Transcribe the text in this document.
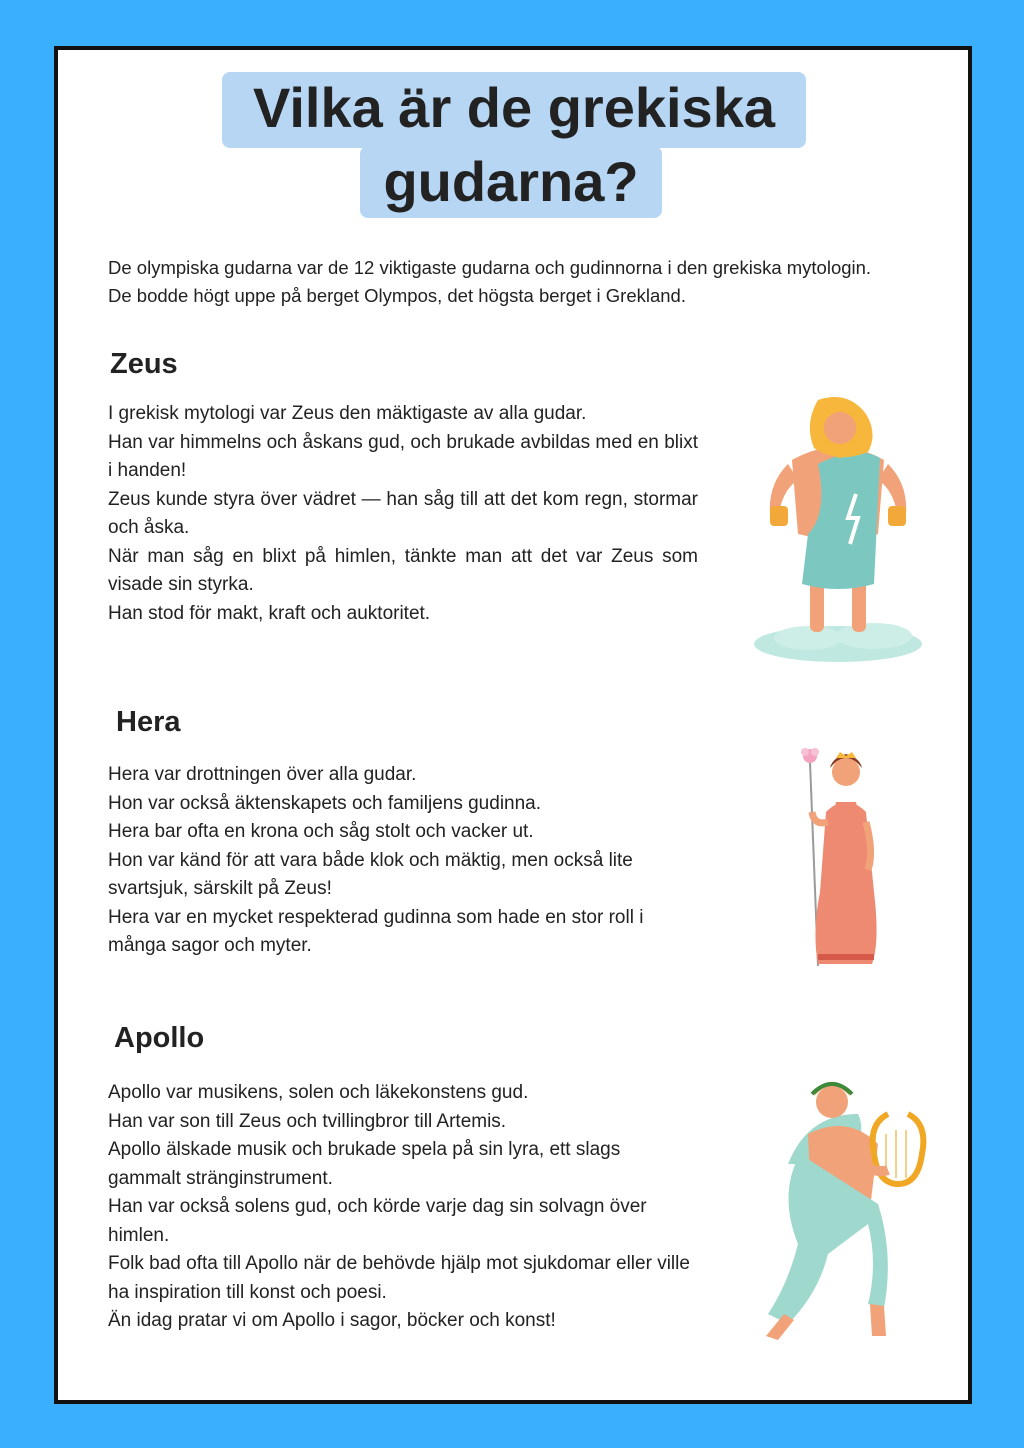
Vilka är de grekiska
gudarna?
De olympiska gudarna var de 12 viktigaste gudarna och gudinnorna i den grekiska mytologin. De bodde högt uppe på berget Olympos, det högsta berget i Grekland.
Zeus
I grekisk mytologi var Zeus den mäktigaste av alla gudar.
Han var himmelns och åskans gud, och brukade avbildas med en blixt i handen!
Zeus kunde styra över vädret — han såg till att det kom regn, stormar och åska.
När man såg en blixt på himlen, tänkte man att det var Zeus som visade sin styrka.
Han stod för makt, kraft och auktoritet.
Hera
Hera var drottningen över alla gudar.
Hon var också äktenskapets och familjens gudinna.
Hera bar ofta en krona och såg stolt och vacker ut.
Hon var känd för att vara både klok och mäktig, men också lite svartsjuk, särskilt på Zeus!
Hera var en mycket respekterad gudinna som hade en stor roll i många sagor och myter.
Apollo
Apollo var musikens, solen och läkekonstens gud.
Han var son till Zeus och tvillingbror till Artemis.
Apollo älskade musik och brukade spela på sin lyra, ett slags gammalt stränginstrument.
Han var också solens gud, och körde varje dag sin solvagn över himlen.
Folk bad ofta till Apollo när de behövde hjälp mot sjukdomar eller ville ha inspiration till konst och poesi.
Än idag pratar vi om Apollo i sagor, böcker och konst!
